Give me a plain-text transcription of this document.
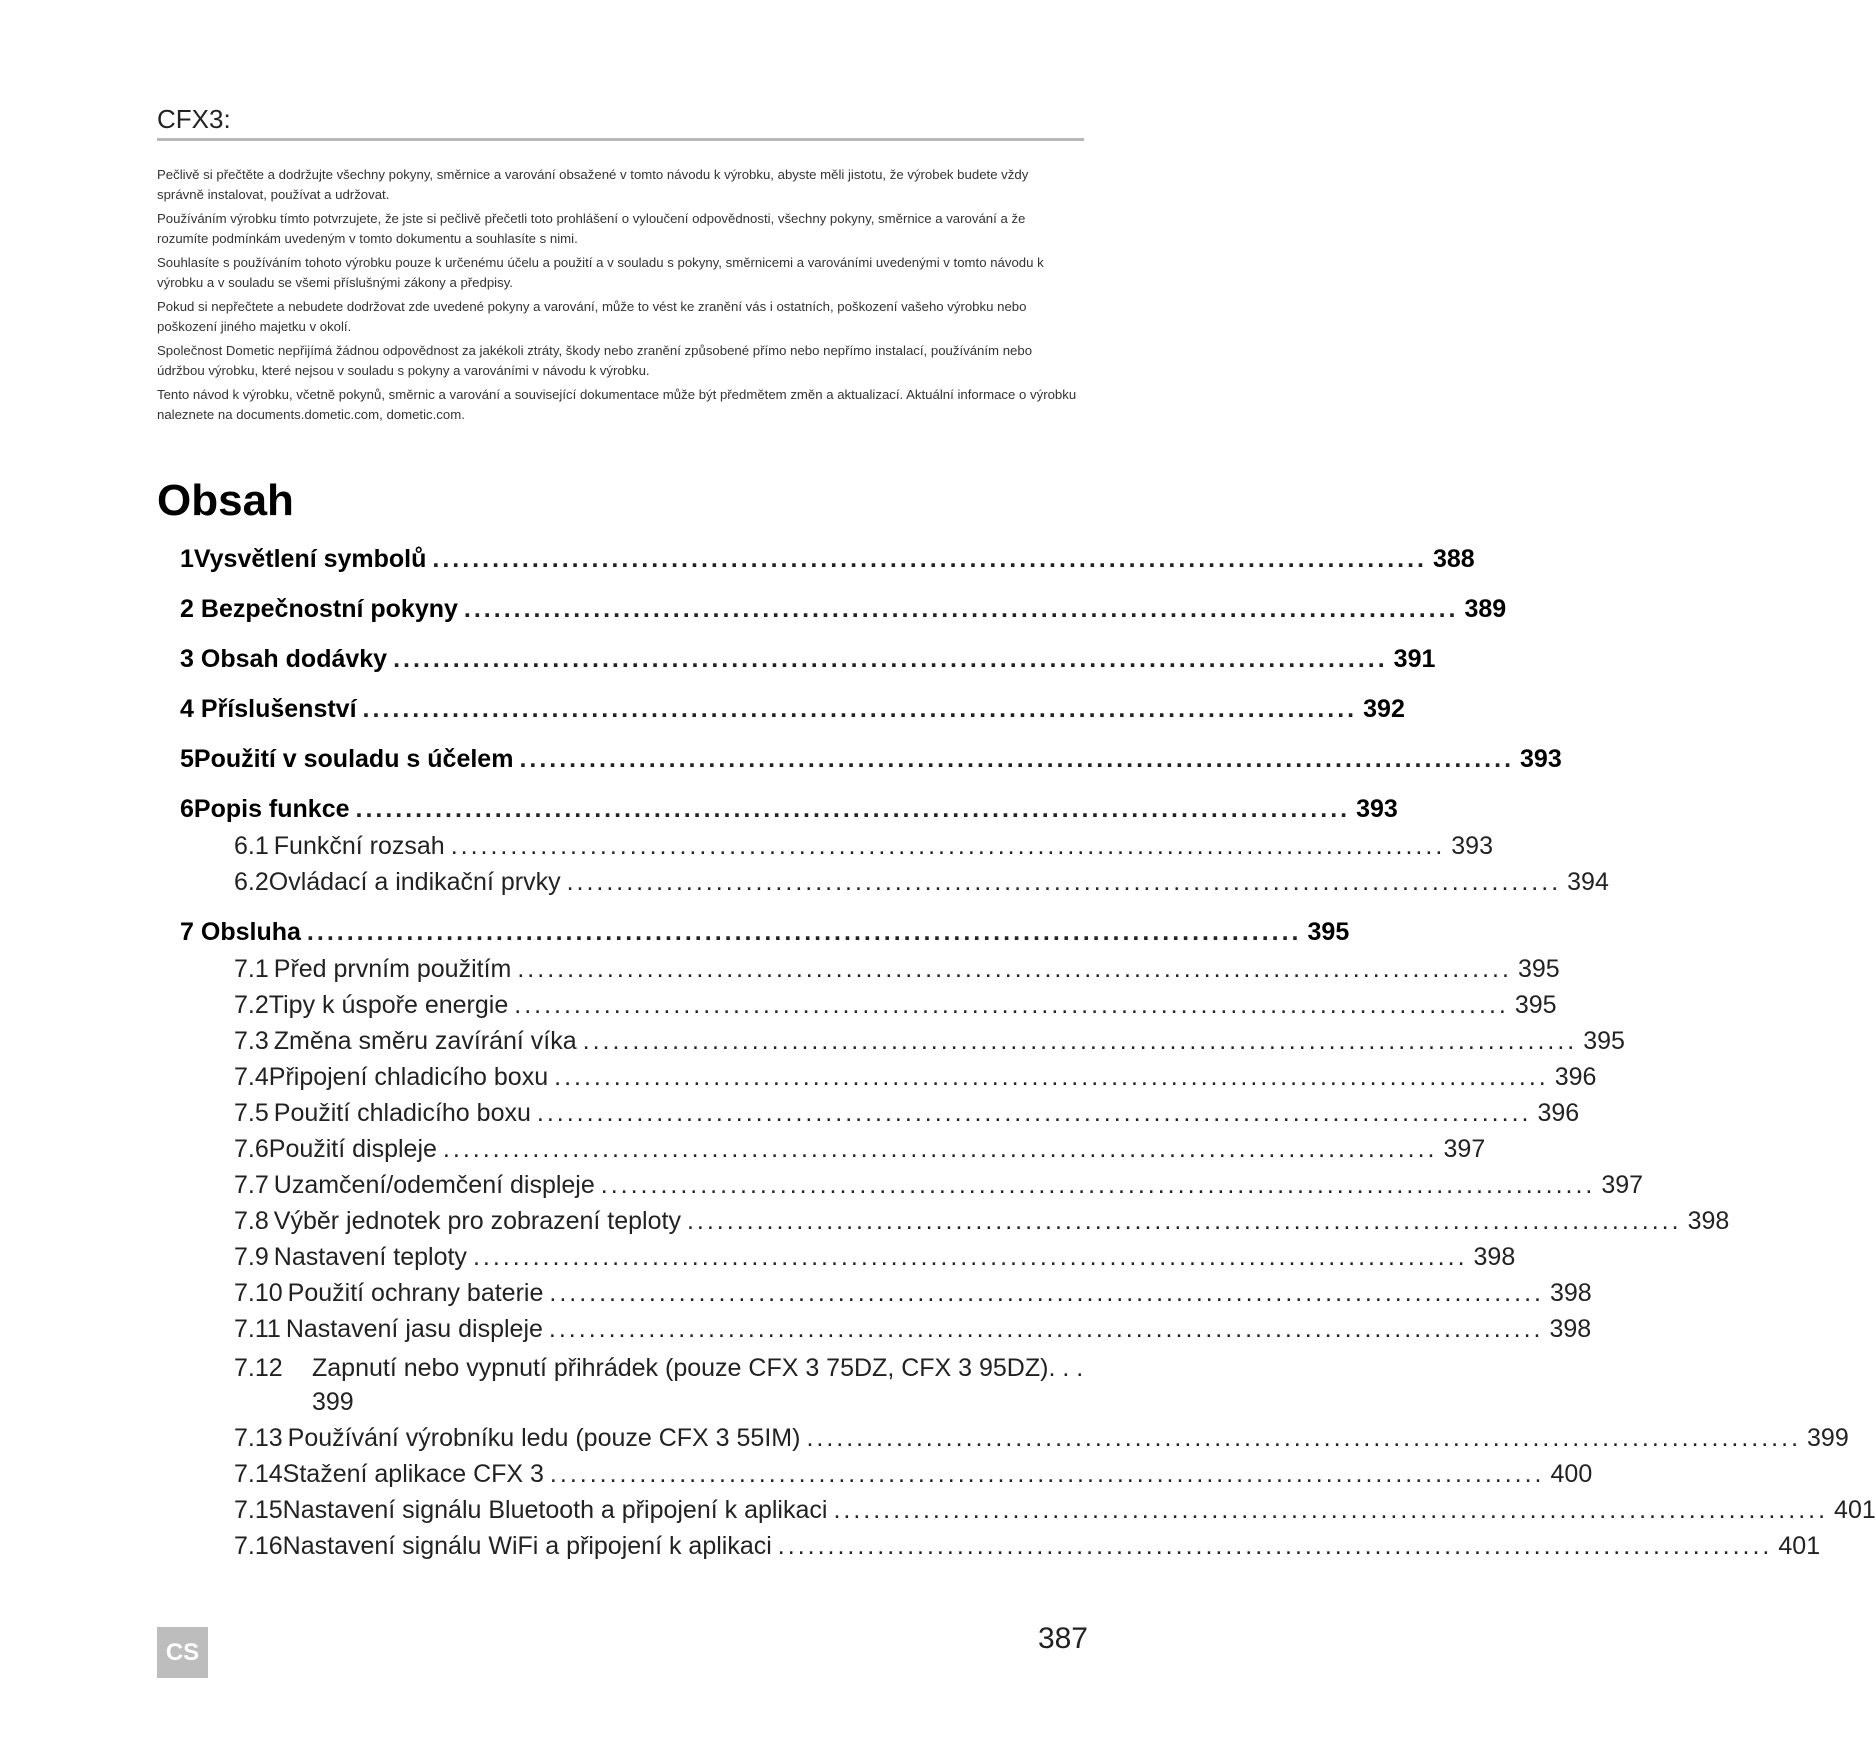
CFX3:

Pečlivě si přečtěte a dodržujte všechny pokyny, směrnice a varování obsažené v tomto návodu k výrobku, abyste měli jistotu, že výrobek budete vždy správně instalovat, používat a udržovat.

Používáním výrobku tímto potvrzujete, že jste si pečlivě přečetli toto prohlášení o vyloučení odpovědnosti, všechny pokyny, směrnice a varování a že rozumíte podmínkám uvedeným v tomto dokumentu a souhlasíte s nimi.

Souhlasíte s používáním tohoto výrobku pouze k určenému účelu a použití a v souladu s pokyny, směrnicemi a varováními uvedenými v tomto návodu k výrobku a v souladu se všemi příslušnými zákony a předpisy.

Pokud si nepřečtete a nebudete dodržovat zde uvedené pokyny a varování, může to vést ke zranění vás i ostatních, poškození vašeho výrobku nebo poškození jiného majetku v okolí.

Společnost Dometic nepřijímá žádnou odpovědnost za jakékoli ztráty, škody nebo zranění způsobené přímo nebo nepřímo instalací, používáním nebo údržbou výrobku, které nejsou v souladu s pokyny a varováními v návodu k výrobku.

Tento návod k výrobku, včetně pokynů, směrnic a varování a související dokumentace může být předmětem změn a aktualizací. Aktuální informace o výrobku naleznete na documents.dometic.com, dometic.com.

Obsah
1 Vysvětlení symbolů .................................................................................................... 388
2 Bezpečnostní pokyny .................................................................................................... 389
3 Obsah dodávky .................................................................................................... 391
4 Příslušenství .................................................................................................... 392
5 Použití v souladu s účelem .................................................................................................... 393
6 Popis funkce .................................................................................................... 393
6.1 Funkční rozsah .................................................................................................... 393
6.2 Ovládací a indikační prvky .................................................................................................... 394
7 Obsluha .................................................................................................... 395
7.1 Před prvním použitím .................................................................................................... 395
7.2 Tipy k úspoře energie .................................................................................................... 395
7.3 Změna směru zavírání víka .................................................................................................... 395
7.4 Připojení chladicího boxu .................................................................................................... 396
7.5 Použití chladicího boxu .................................................................................................... 396
7.6 Použití displeje .................................................................................................... 397
7.7 Uzamčení/odemčení displeje .................................................................................................... 397
7.8 Výběr jednotek pro zobrazení teploty .................................................................................................... 398
7.9 Nastavení teploty .................................................................................................... 398
7.10 Použití ochrany baterie .................................................................................................... 398
7.11 Nastavení jasu displeje .................................................................................................... 398
7.12 Zapnutí nebo vypnutí přihrádek (pouze CFX 3 75DZ, CFX 3 95DZ). . .
399
7.13 Používání výrobníku ledu (pouze CFX 3 55IM) .................................................................................................... 399
7.14 Stažení aplikace CFX 3 .................................................................................................... 400
7.15 Nastavení signálu Bluetooth a připojení k aplikaci .................................................................................................... 401
7.16 Nastavení signálu WiFi a připojení k aplikaci .................................................................................................... 401
CS	387
